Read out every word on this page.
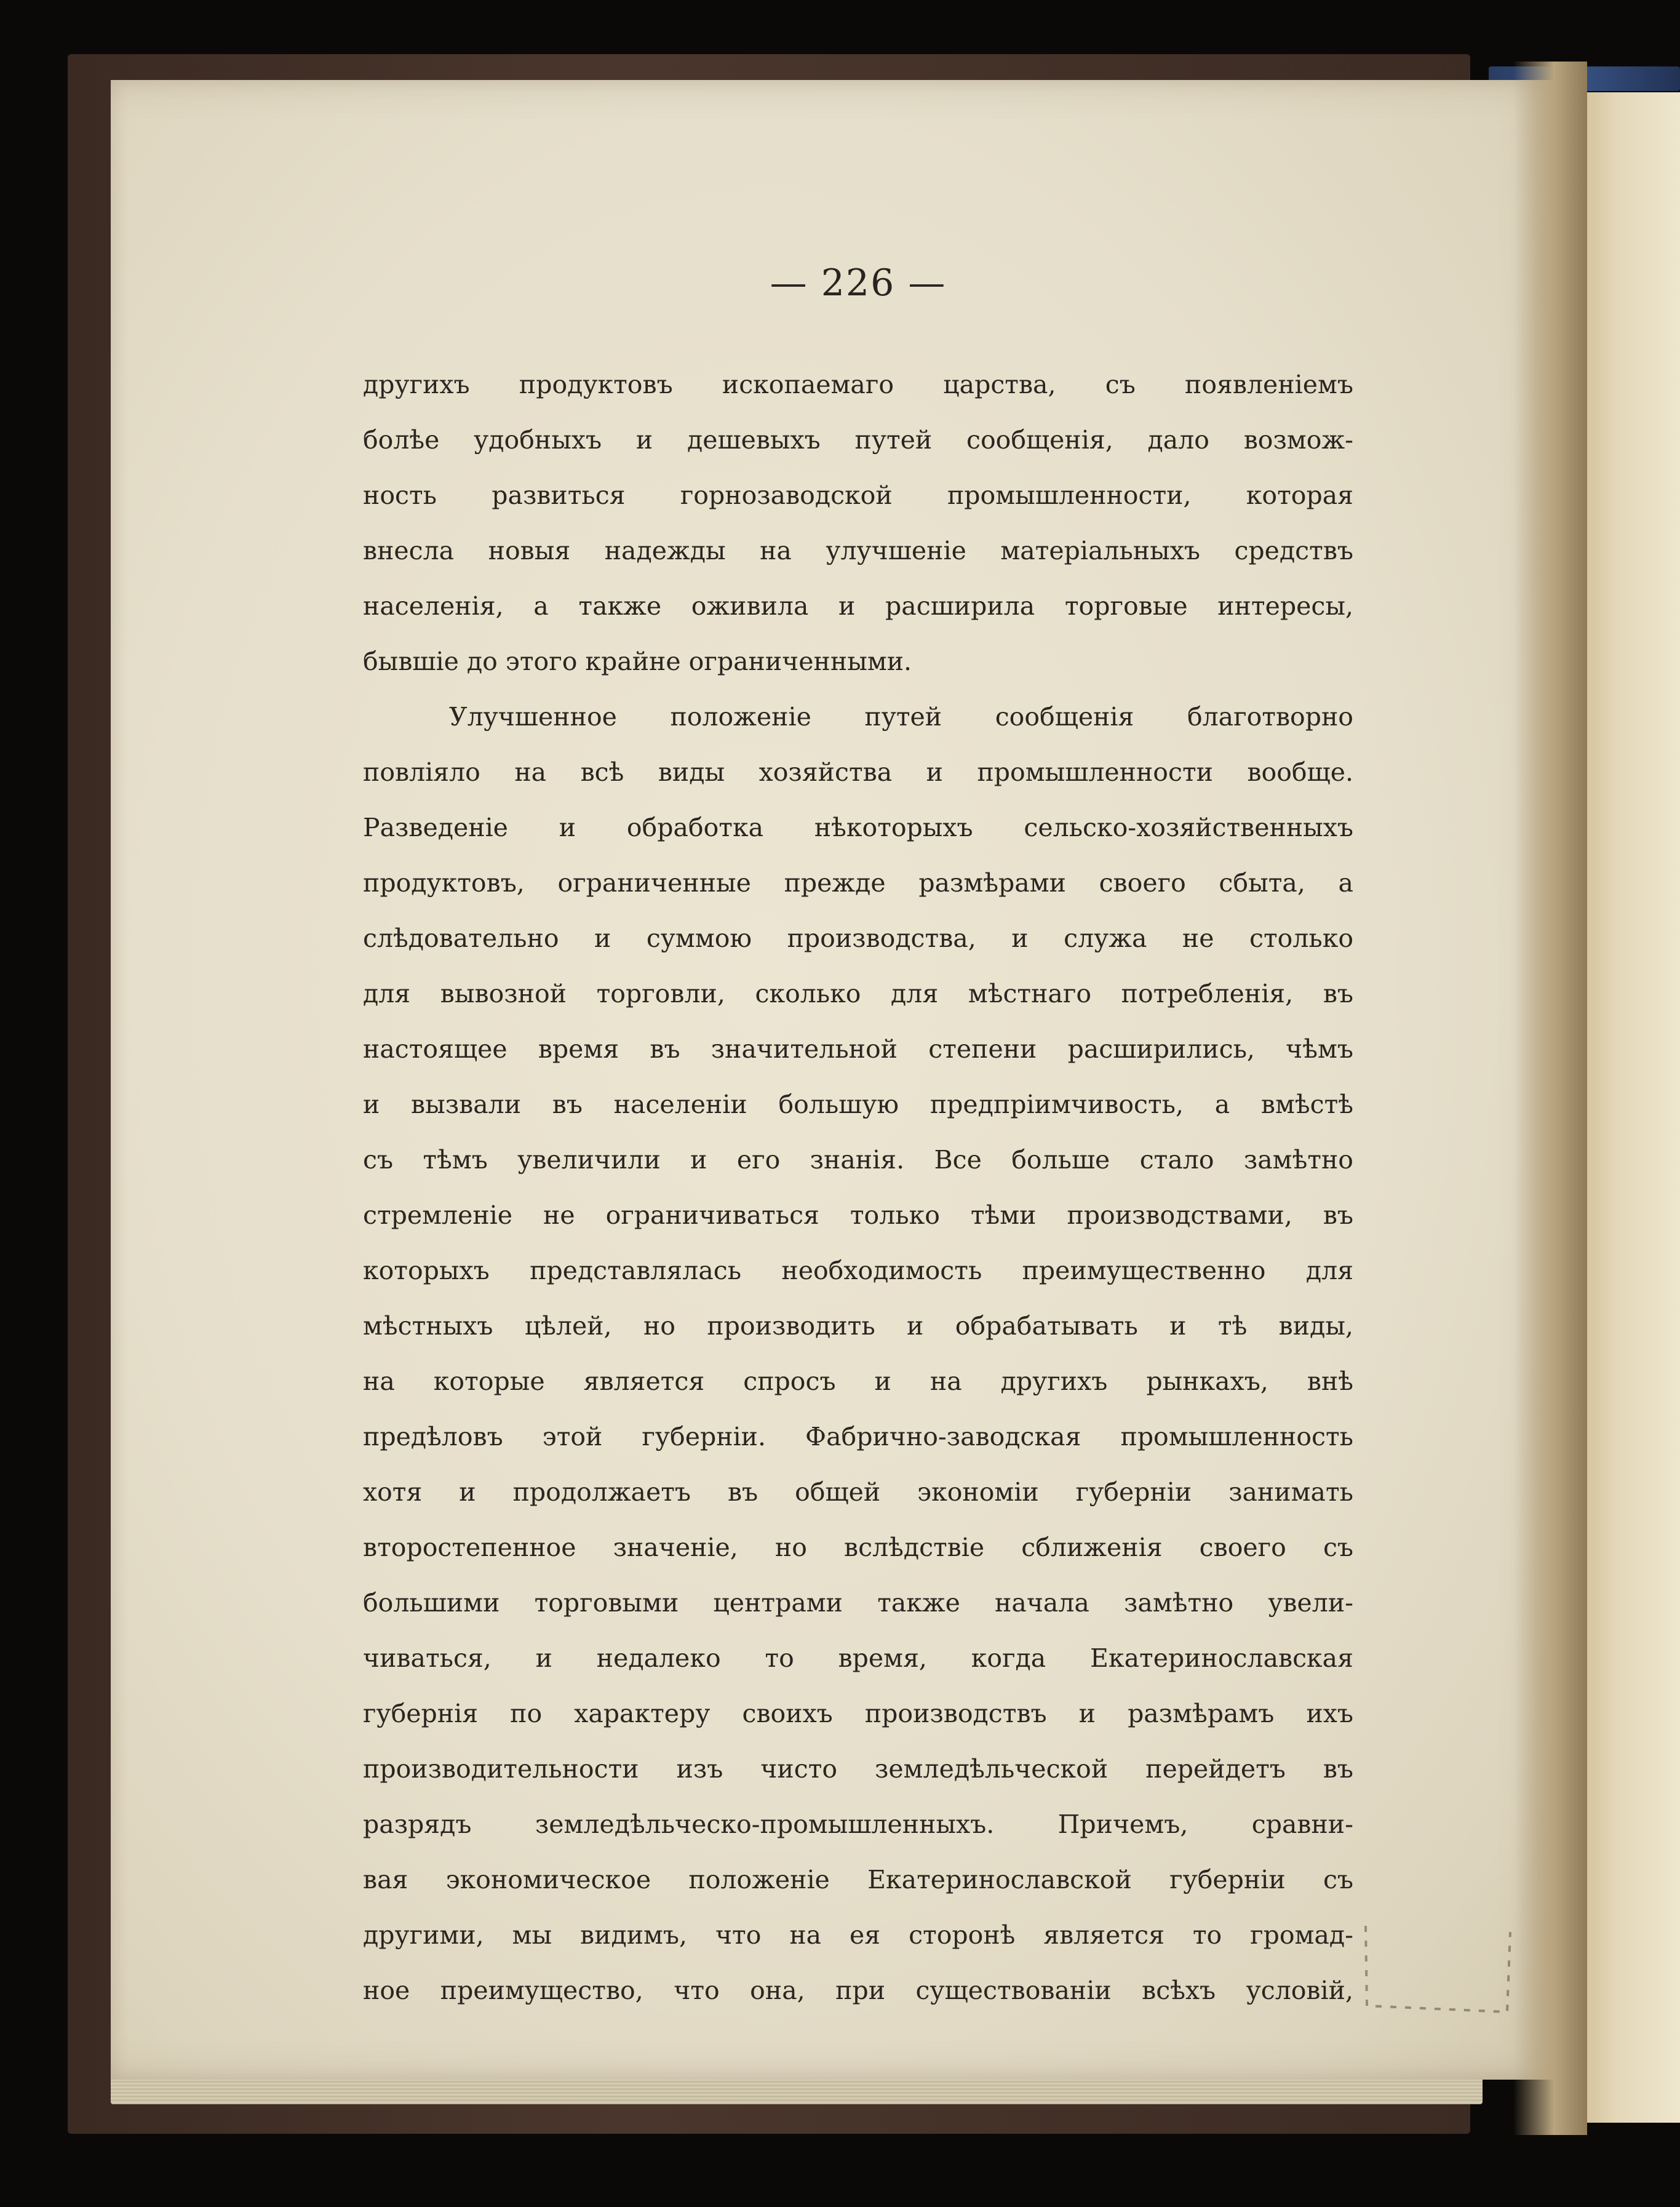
— 226 —
другихъ продуктовъ ископаемаго царства, съ появленіемъ
болѣе удобныхъ и дешевыхъ путей сообщенія, дало возмож-
ность развиться горнозаводской промышленности, которая
внесла новыя надежды на улучшеніе матеріальныхъ средствъ
населенія, а также оживила и расширила торговые интересы,
бывшіе до этого крайне ограниченными.
Улучшенное положеніе путей сообщенія благотворно
повліяло на всѣ виды хозяйства и промышленности вообще.
Разведеніе и обработка нѣкоторыхъ сельско-хозяйственныхъ
продуктовъ, ограниченные прежде размѣрами своего сбыта, а
слѣдовательно и суммою производства, и служа не столько
для вывозной торговли, сколько для мѣстнаго потребленія, въ
настоящее время въ значительной степени расширились, чѣмъ
и вызвали въ населеніи большую предпріимчивость, а вмѣстѣ
съ тѣмъ увеличили и его знанія. Все больше стало замѣтно
стремленіе не ограничиваться только тѣми производствами, въ
которыхъ представлялась необходимость преимущественно для
мѣстныхъ цѣлей, но производить и обрабатывать и тѣ виды,
на которые является спросъ и на другихъ рынкахъ, внѣ
предѣловъ этой губерніи. Фабрично-заводская промышленность
хотя и продолжаетъ въ общей экономіи губерніи занимать
второстепенное значеніе, но вслѣдствіе сближенія своего съ
большими торговыми центрами также начала замѣтно увели-
чиваться, и недалеко то время, когда Екатеринославская
губернія по характеру своихъ производствъ и размѣрамъ ихъ
производительности изъ чисто земледѣльческой перейдетъ въ
разрядъ земледѣльческо-промышленныхъ. Причемъ, сравни-
вая экономическое положеніе Екатеринославской губерніи съ
другими, мы видимъ, что на ея сторонѣ является то громад-
ное преимущество, что она, при существованіи всѣхъ условій,
